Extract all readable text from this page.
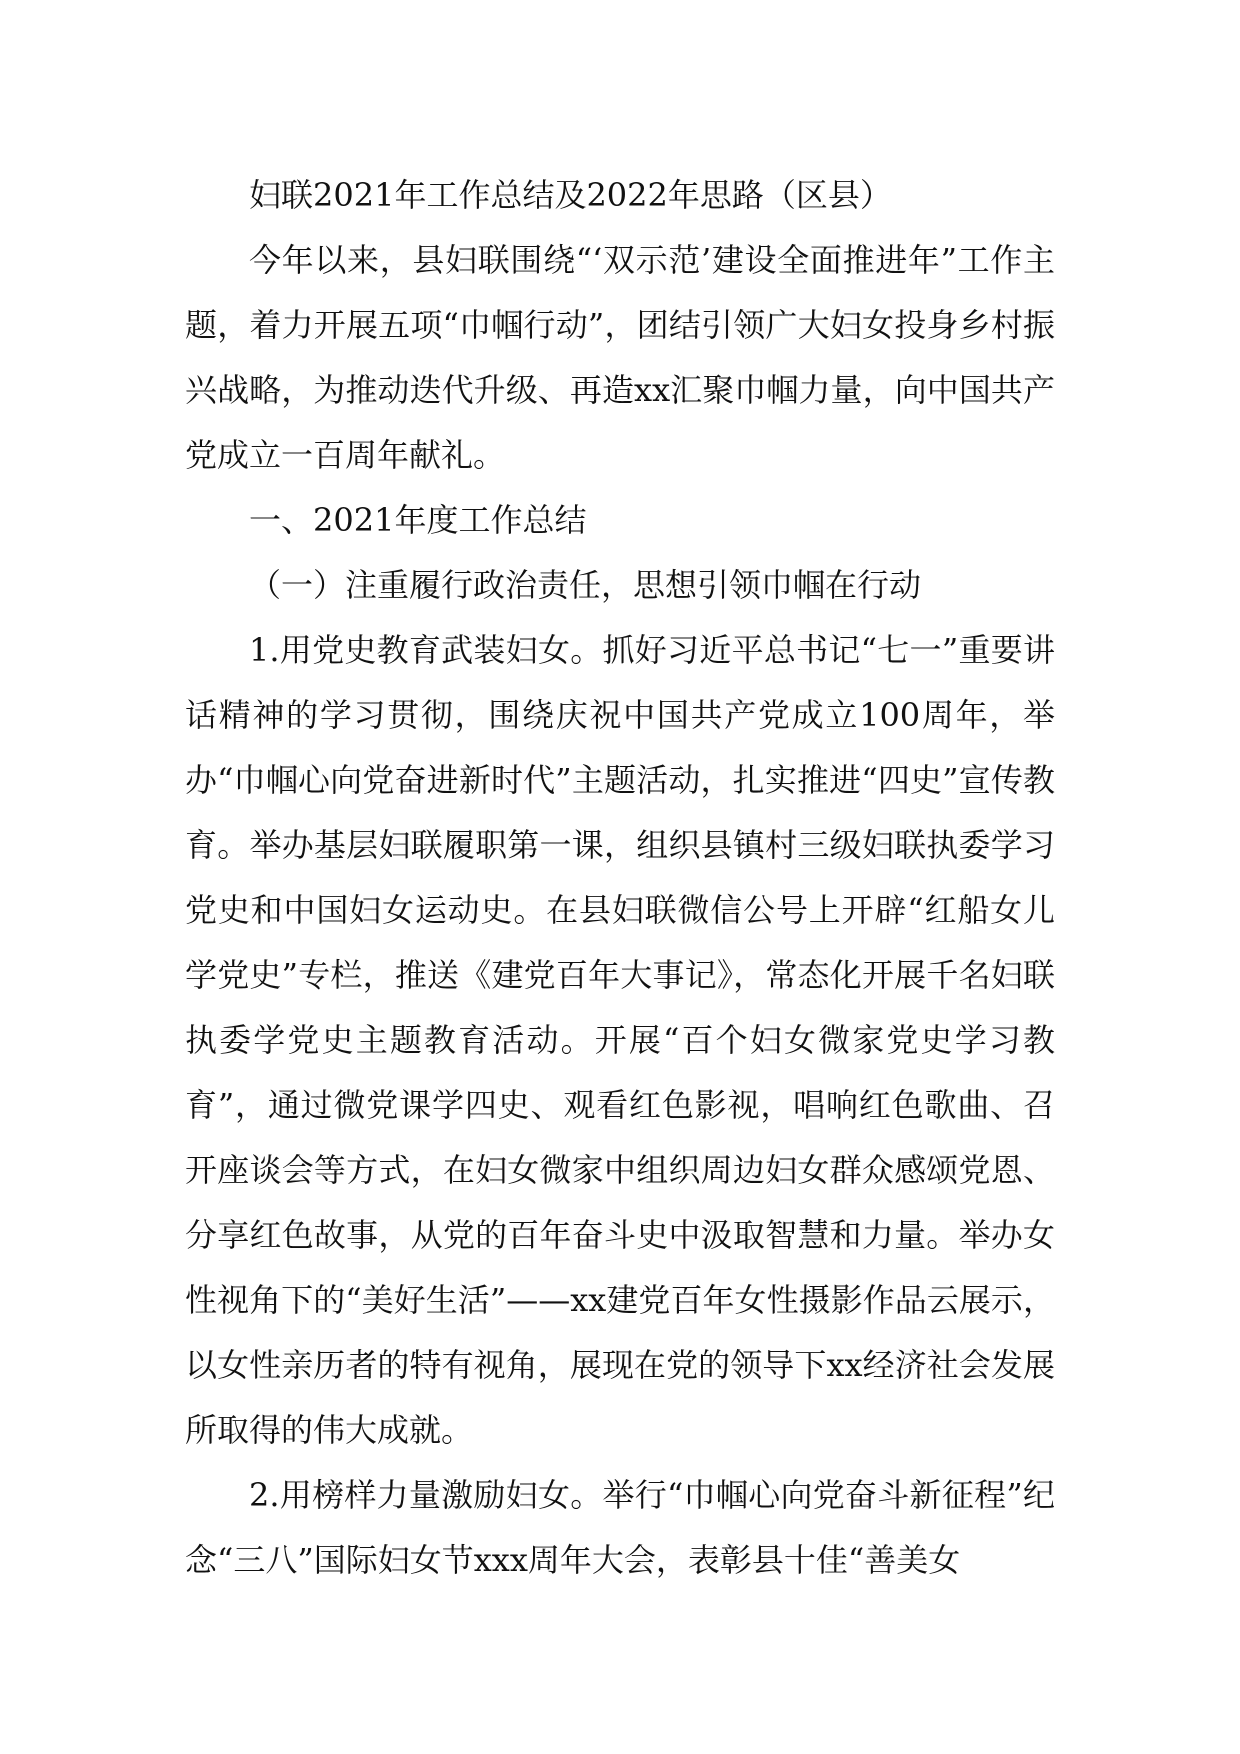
妇联2021年工作总结及2022年思路（区县）

今年以来，县妇联围绕“‘双示范’建设全面推进年”工作主题，着力开展五项“巾帼行动”，团结引领广大妇女投身乡村振兴战略，为推动迭代升级、再造xx汇聚巾帼力量，向中国共产党成立一百周年献礼。

一、2021年度工作总结

（一）注重履行政治责任，思想引领巾帼在行动

1.用党史教育武装妇女。抓好习近平总书记“七一”重要讲话精神的学习贯彻，围绕庆祝中国共产党成立100周年，举办“巾帼心向党奋进新时代”主题活动，扎实推进“四史”宣传教育。举办基层妇联履职第一课，组织县镇村三级妇联执委学习党史和中国妇女运动史。在县妇联微信公号上开辟“红船女儿学党史”专栏，推送《建党百年大事记》，常态化开展千名妇联执委学党史主题教育活动。开展“百个妇女微家党史学习教育”，通过微党课学四史、观看红色影视，唱响红色歌曲、召开座谈会等方式，在妇女微家中组织周边妇女群众感颂党恩、分享红色故事，从党的百年奋斗史中汲取智慧和力量。举办女性视角下的“美好生活”——xx建党百年女性摄影作品云展示，以女性亲历者的特有视角，展现在党的领导下xx经济社会发展所取得的伟大成就。

2.用榜样力量激励妇女。举行“巾帼心向党奋斗新征程”纪念“三八”国际妇女节xxx周年大会，表彰县十佳“善美女
